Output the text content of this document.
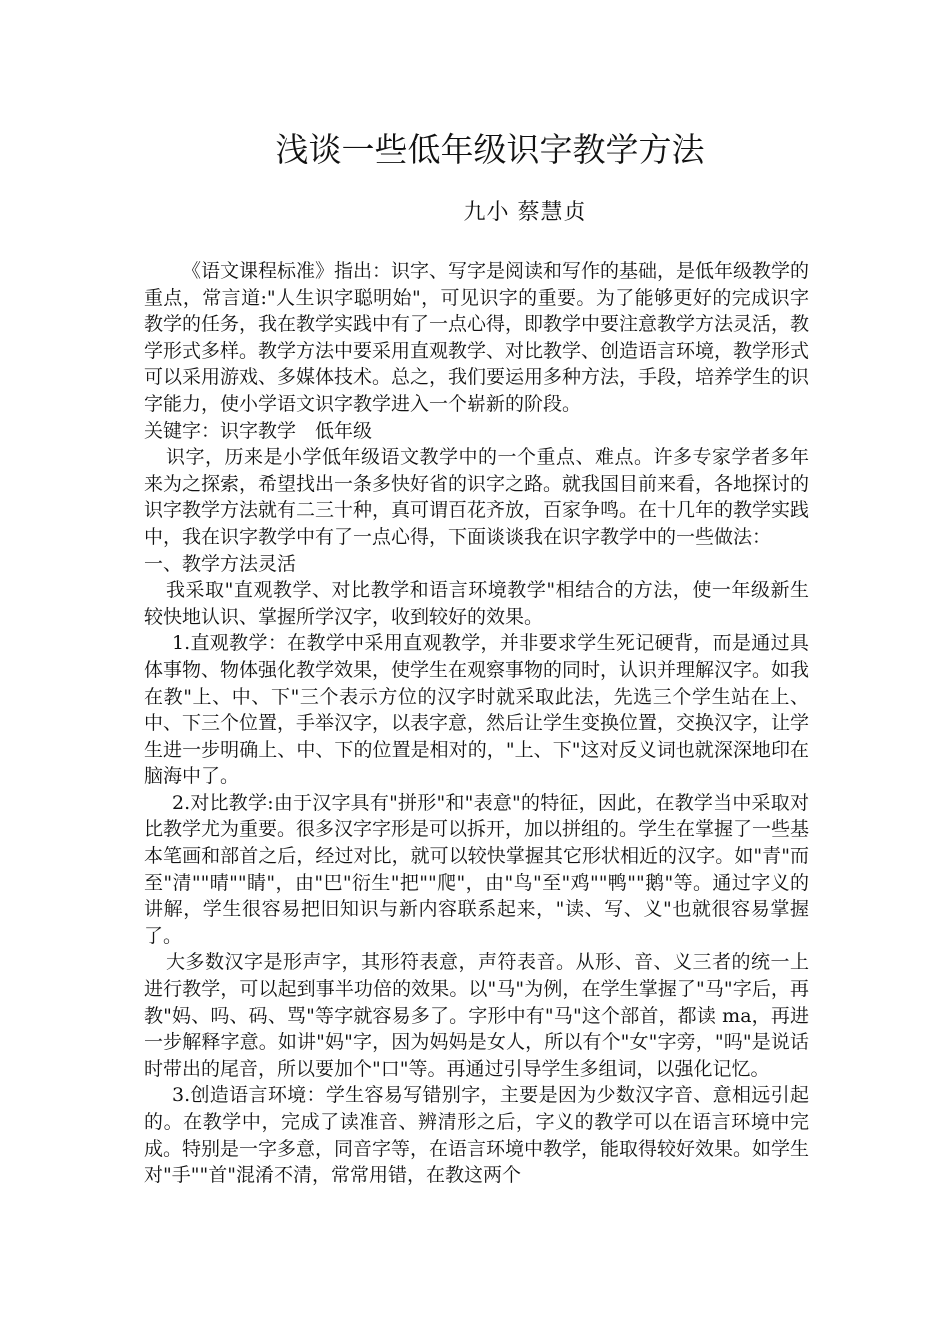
浅谈一些低年级识字教学方法
九小 蔡慧贞

《语文课程标准》指出：识字、写字是阅读和写作的基础，是低年级教学的重点，常言道:"人生识字聪明始"，可见识字的重要。为了能够更好的完成识字教学的任务，我在教学实践中有了一点心得，即教学中要注意教学方法灵活，教学形式多样。教学方法中要采用直观教学、对比教学、创造语言环境，教学形式可以采用游戏、多媒体技术。总之，我们要运用多种方法，手段，培养学生的识字能力，使小学语文识字教学进入一个崭新的阶段。

关键字：识字教学　低年级

识字，历来是小学低年级语文教学中的一个重点、难点。许多专家学者多年来为之探索，希望找出一条多快好省的识字之路。就我国目前来看，各地探讨的识字教学方法就有二三十种，真可谓百花齐放，百家争鸣。在十几年的教学实践中，我在识字教学中有了一点心得，下面谈谈我在识字教学中的一些做法：

一、教学方法灵活

我采取"直观教学、对比教学和语言环境教学"相结合的方法，使一年级新生较快地认识、掌握所学汉字，收到较好的效果。

1.直观教学：在教学中采用直观教学，并非要求学生死记硬背，而是通过具体事物、物体强化教学效果，使学生在观察事物的同时，认识并理解汉字。如我在教"上、中、下"三个表示方位的汉字时就采取此法，先选三个学生站在上、中、下三个位置，手举汉字，以表字意，然后让学生变换位置，交换汉字，让学生进一步明确上、中、下的位置是相对的，"上、下"这对反义词也就深深地印在脑海中了。

2.对比教学:由于汉字具有"拼形"和"表意"的特征，因此，在教学当中采取对比教学尤为重要。很多汉字字形是可以拆开，加以拼组的。学生在掌握了一些基本笔画和部首之后，经过对比，就可以较快掌握其它形状相近的汉字。如"青"而至"清""晴""睛"，由"巴"衍生"把""爬"，由"鸟"至"鸡""鸭""鹅"等。通过字义的讲解，学生很容易把旧知识与新内容联系起来，"读、写、义"也就很容易掌握了。

大多数汉字是形声字，其形符表意，声符表音。从形、音、义三者的统一上进行教学，可以起到事半功倍的效果。以"马"为例，在学生掌握了"马"字后，再教"妈、吗、码、骂"等字就容易多了。字形中有"马"这个部首，都读 ma，再进一步解释字意。如讲"妈"字，因为妈妈是女人，所以有个"女"字旁，"吗"是说话时带出的尾音，所以要加个"口"等。再通过引导学生多组词，以强化记忆。

3.创造语言环境：学生容易写错别字，主要是因为少数汉字音、意相远引起的。在教学中，完成了读准音、辨清形之后，字义的教学可以在语言环境中完成。特别是一字多意，同音字等，在语言环境中教学，能取得较好效果。如学生对"手""首"混淆不清，常常用错，在教这两个
